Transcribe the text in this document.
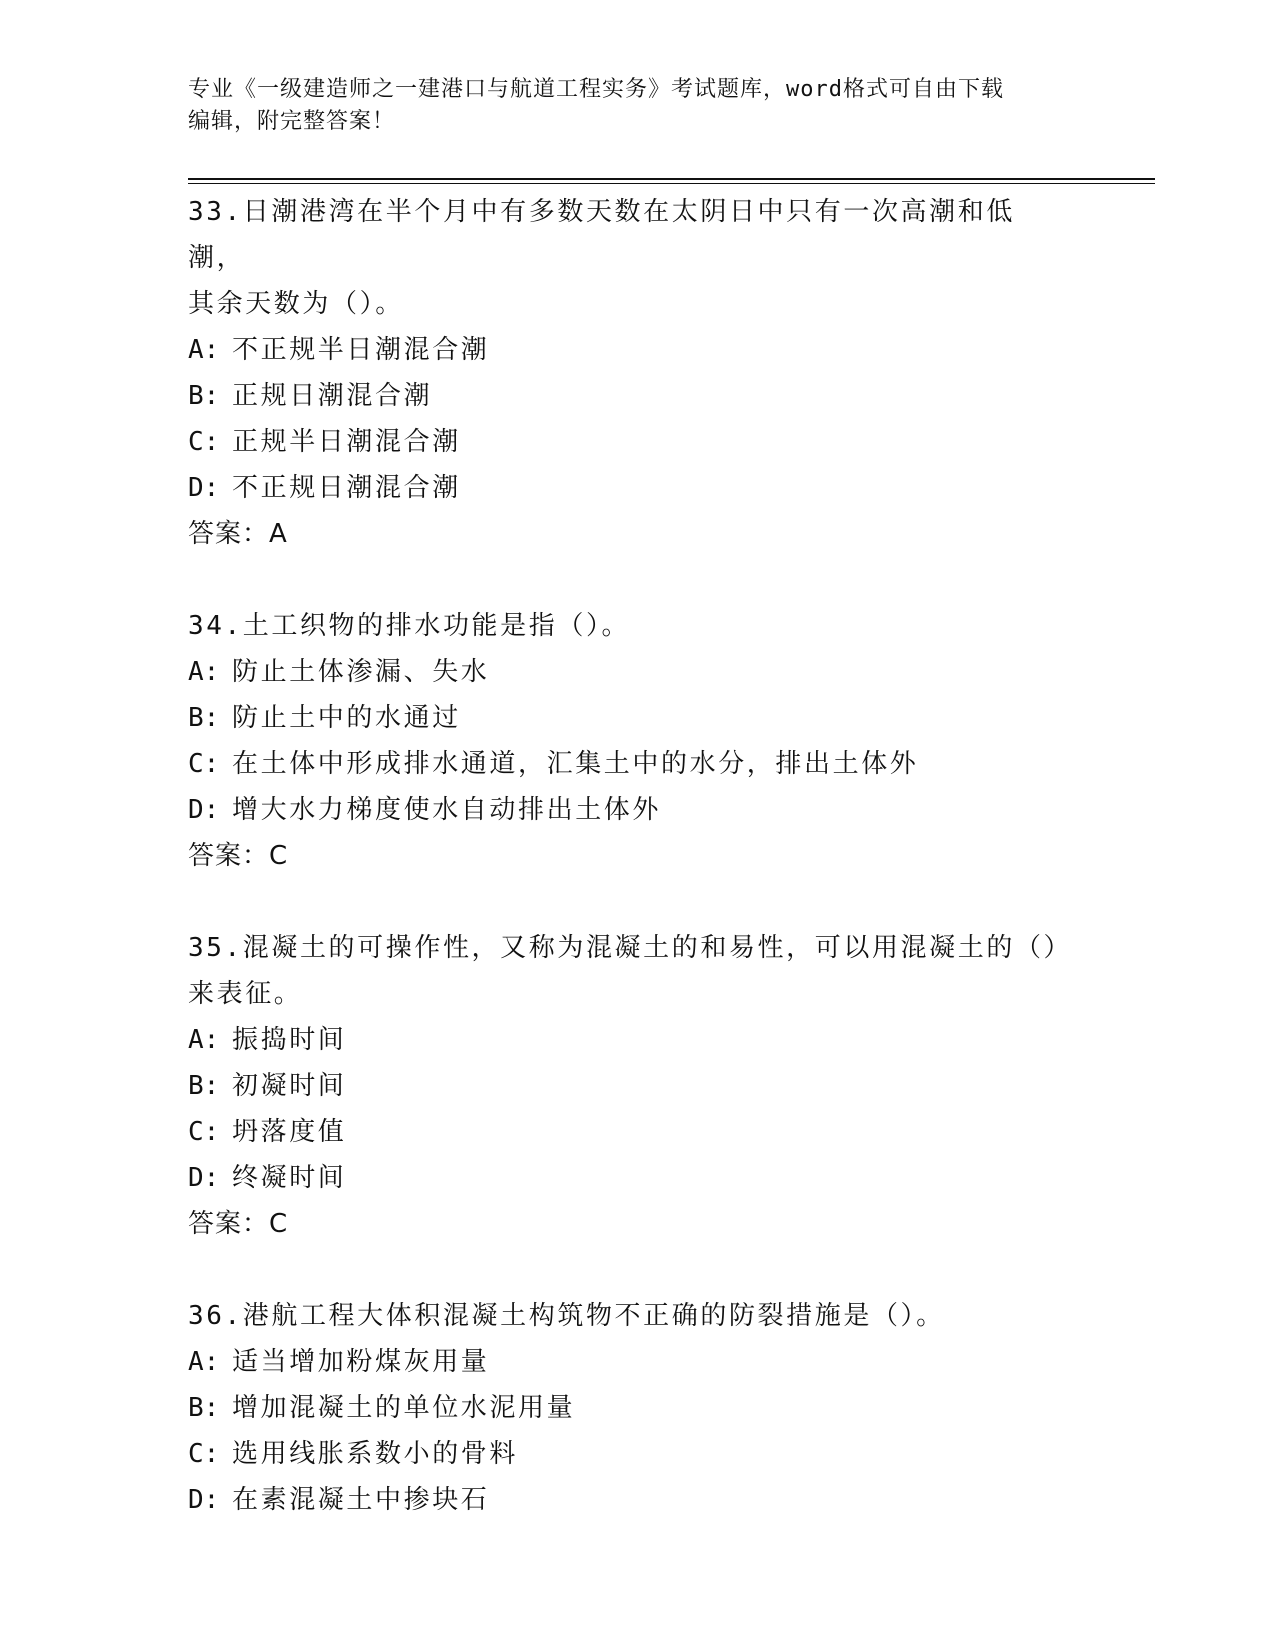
专业《一级建造师之一建港口与航道工程实务》考试题库，word格式可自由下载
编辑，附完整答案！
33.日潮港湾在半个月中有多数天数在太阴日中只有一次高潮和低潮，
其余天数为（）。
A: 不正规半日潮混合潮
B: 正规日潮混合潮
C: 正规半日潮混合潮
D: 不正规日潮混合潮
答案：A
34.土工织物的排水功能是指（）。
A: 防止土体渗漏、失水
B: 防止土中的水通过
C: 在土体中形成排水通道，汇集土中的水分，排出土体外
D: 增大水力梯度使水自动排出土体外
答案：C
35.混凝土的可操作性，又称为混凝土的和易性，可以用混凝土的（）
来表征。
A: 振捣时间
B: 初凝时间
C: 坍落度值
D: 终凝时间
答案：C
36.港航工程大体积混凝土构筑物不正确的防裂措施是（）。
A: 适当增加粉煤灰用量
B: 增加混凝土的单位水泥用量
C: 选用线胀系数小的骨料
D: 在素混凝土中掺块石
